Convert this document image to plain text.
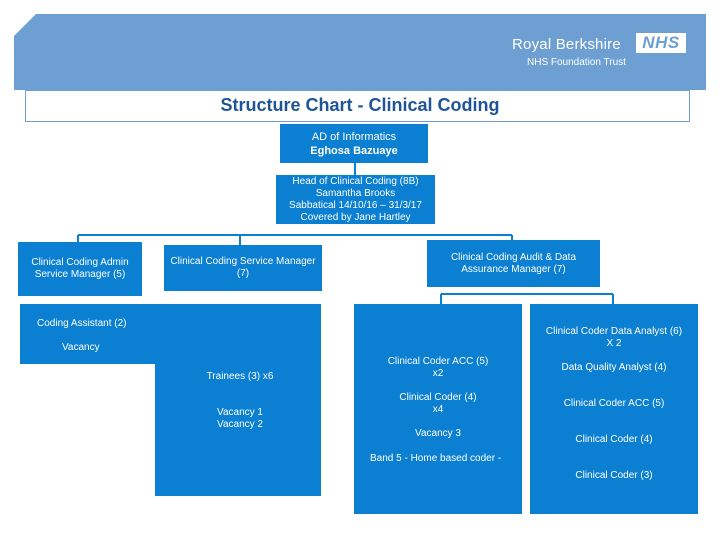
Royal Berkshire	NHS
NHS Foundation Trust
Structure Chart - Clinical Coding
AD of Informatics
Eghosa Bazuaye
Head of Clinical Coding (8B)
Samantha Brooks
Sabbatical 14/10/16 – 31/3/17
Covered by Jane Hartley
Clinical Coding Admin
Service Manager (5)
Clinical Coding Service Manager
(7)
Clinical Coding Audit & Data
Assurance Manager (7)
Coding Assistant (2)
Vacancy
Trainees (3) x6
Vacancy 1
Vacancy 2
Clinical Coder ACC (5)
x2
Clinical Coder (4)
x4
Vacancy 3
Band 5 - Home based coder -
Clinical Coder Data Analyst (6)
X 2
Data Quality Analyst (4)
Clinical Coder ACC (5)
Clinical Coder (4)
Clinical Coder (3)
